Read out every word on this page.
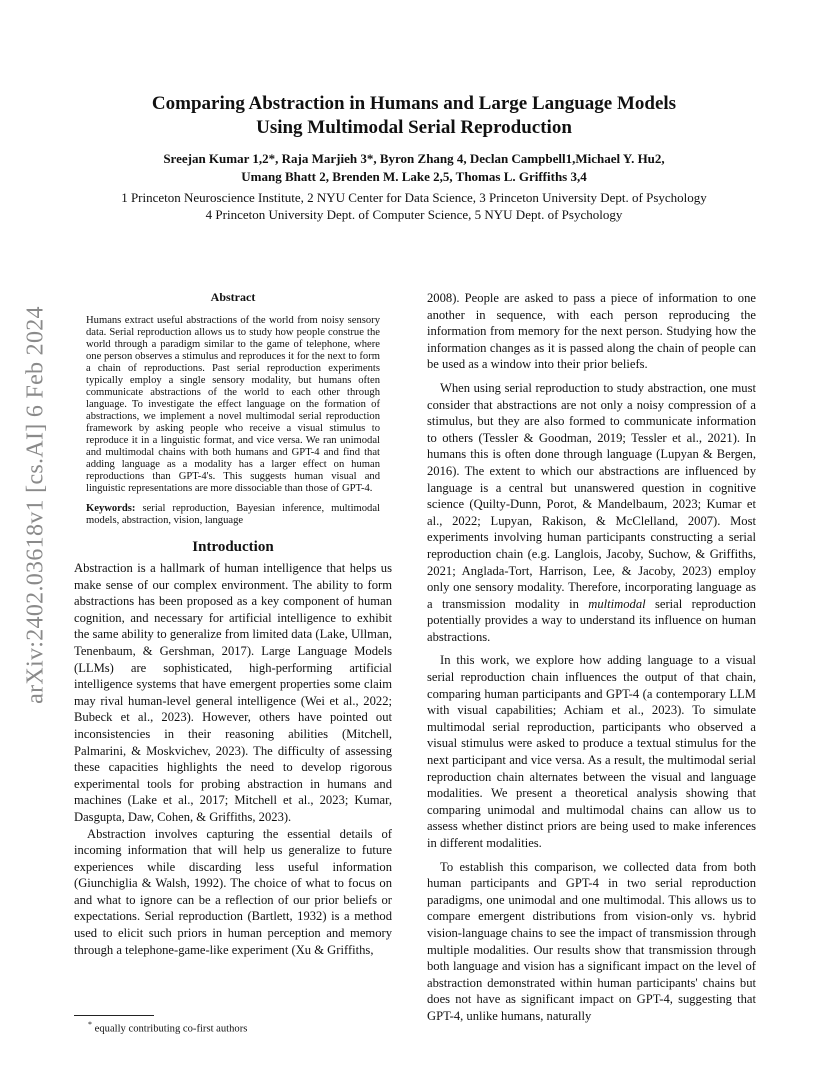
arXiv:2402.03618v1 [cs.AI] 6 Feb 2024
Comparing Abstraction in Humans and Large Language Models
Using Multimodal Serial Reproduction
Sreejan Kumar 1,2*, Raja Marjieh 3*, Byron Zhang 4, Declan Campbell1,Michael Y. Hu2,
Umang Bhatt 2, Brenden M. Lake 2,5, Thomas L. Griffiths 3,4
1 Princeton Neuroscience Institute, 2 NYU Center for Data Science, 3 Princeton University Dept. of Psychology
4 Princeton University Dept. of Computer Science, 5 NYU Dept. of Psychology
Abstract

Humans extract useful abstractions of the world from noisy sensory data. Serial reproduction allows us to study how people construe the world through a paradigm similar to the game of telephone, where one person observes a stimulus and reproduces it for the next to form a chain of reproductions. Past serial reproduction experiments typically employ a single sensory modality, but humans often communicate abstractions of the world to each other through language. To investigate the effect language on the formation of abstractions, we implement a novel multimodal serial reproduction framework by asking people who receive a visual stimulus to reproduce it in a linguistic format, and vice versa. We ran unimodal and multimodal chains with both humans and GPT-4 and find that adding language as a modality has a larger effect on human reproductions than GPT-4's. This suggests human visual and linguistic representations are more dissociable than those of GPT-4.

Keywords: serial reproduction, Bayesian inference, multimodal models, abstraction, vision, language

Introduction

Abstraction is a hallmark of human intelligence that helps us make sense of our complex environment. The ability to form abstractions has been proposed as a key component of human cognition, and necessary for artificial intelligence to exhibit the same ability to generalize from limited data (Lake, Ullman, Tenenbaum, & Gershman, 2017). Large Language Models (LLMs) are sophisticated, high-performing artificial intelligence systems that have emergent properties some claim may rival human-level general intelligence (Wei et al., 2022; Bubeck et al., 2023). However, others have pointed out inconsistencies in their reasoning abilities (Mitchell, Palmarini, & Moskvichev, 2023). The difficulty of assessing these capacities highlights the need to develop rigorous experimental tools for probing abstraction in humans and machines (Lake et al., 2017; Mitchell et al., 2023; Kumar, Dasgupta, Daw, Cohen, & Griffiths, 2023).

Abstraction involves capturing the essential details of incoming information that will help us generalize to future experiences while discarding less useful information (Giunchiglia & Walsh, 1992). The choice of what to focus on and what to ignore can be a reflection of our prior beliefs or expectations. Serial reproduction (Bartlett, 1932) is a method used to elicit such priors in human perception and memory through a telephone-game-like experiment (Xu & Griffiths,

2008). People are asked to pass a piece of information to one another in sequence, with each person reproducing the information from memory for the next person. Studying how the information changes as it is passed along the chain of people can be used as a window into their prior beliefs.

When using serial reproduction to study abstraction, one must consider that abstractions are not only a noisy compression of a stimulus, but they are also formed to communicate information to others (Tessler & Goodman, 2019; Tessler et al., 2021). In humans this is often done through language (Lupyan & Bergen, 2016). The extent to which our abstractions are influenced by language is a central but unanswered question in cognitive science (Quilty-Dunn, Porot, & Mandelbaum, 2023; Kumar et al., 2022; Lupyan, Rakison, & McClelland, 2007). Most experiments involving human participants constructing a serial reproduction chain (e.g. Langlois, Jacoby, Suchow, & Griffiths, 2021; Anglada-Tort, Harrison, Lee, & Jacoby, 2023) employ only one sensory modality. Therefore, incorporating language as a transmission modality in multimodal serial reproduction potentially provides a way to understand its influence on human abstractions.

In this work, we explore how adding language to a visual serial reproduction chain influences the output of that chain, comparing human participants and GPT-4 (a contemporary LLM with visual capabilities; Achiam et al., 2023). To simulate multimodal serial reproduction, participants who observed a visual stimulus were asked to produce a textual stimulus for the next participant and vice versa. As a result, the multimodal serial reproduction chain alternates between the visual and language modalities. We present a theoretical analysis showing that comparing unimodal and multimodal chains can allow us to assess whether distinct priors are being used to make inferences in different modalities.

To establish this comparison, we collected data from both human participants and GPT-4 in two serial reproduction paradigms, one unimodal and one multimodal. This allows us to compare emergent distributions from vision-only vs. hybrid vision-language chains to see the impact of transmission through multiple modalities. Our results show that transmission through both language and vision has a significant impact on the level of abstraction demonstrated within human participants' chains but does not have as significant impact on GPT-4, suggesting that GPT-4, unlike humans, naturally

* equally contributing co-first authors
